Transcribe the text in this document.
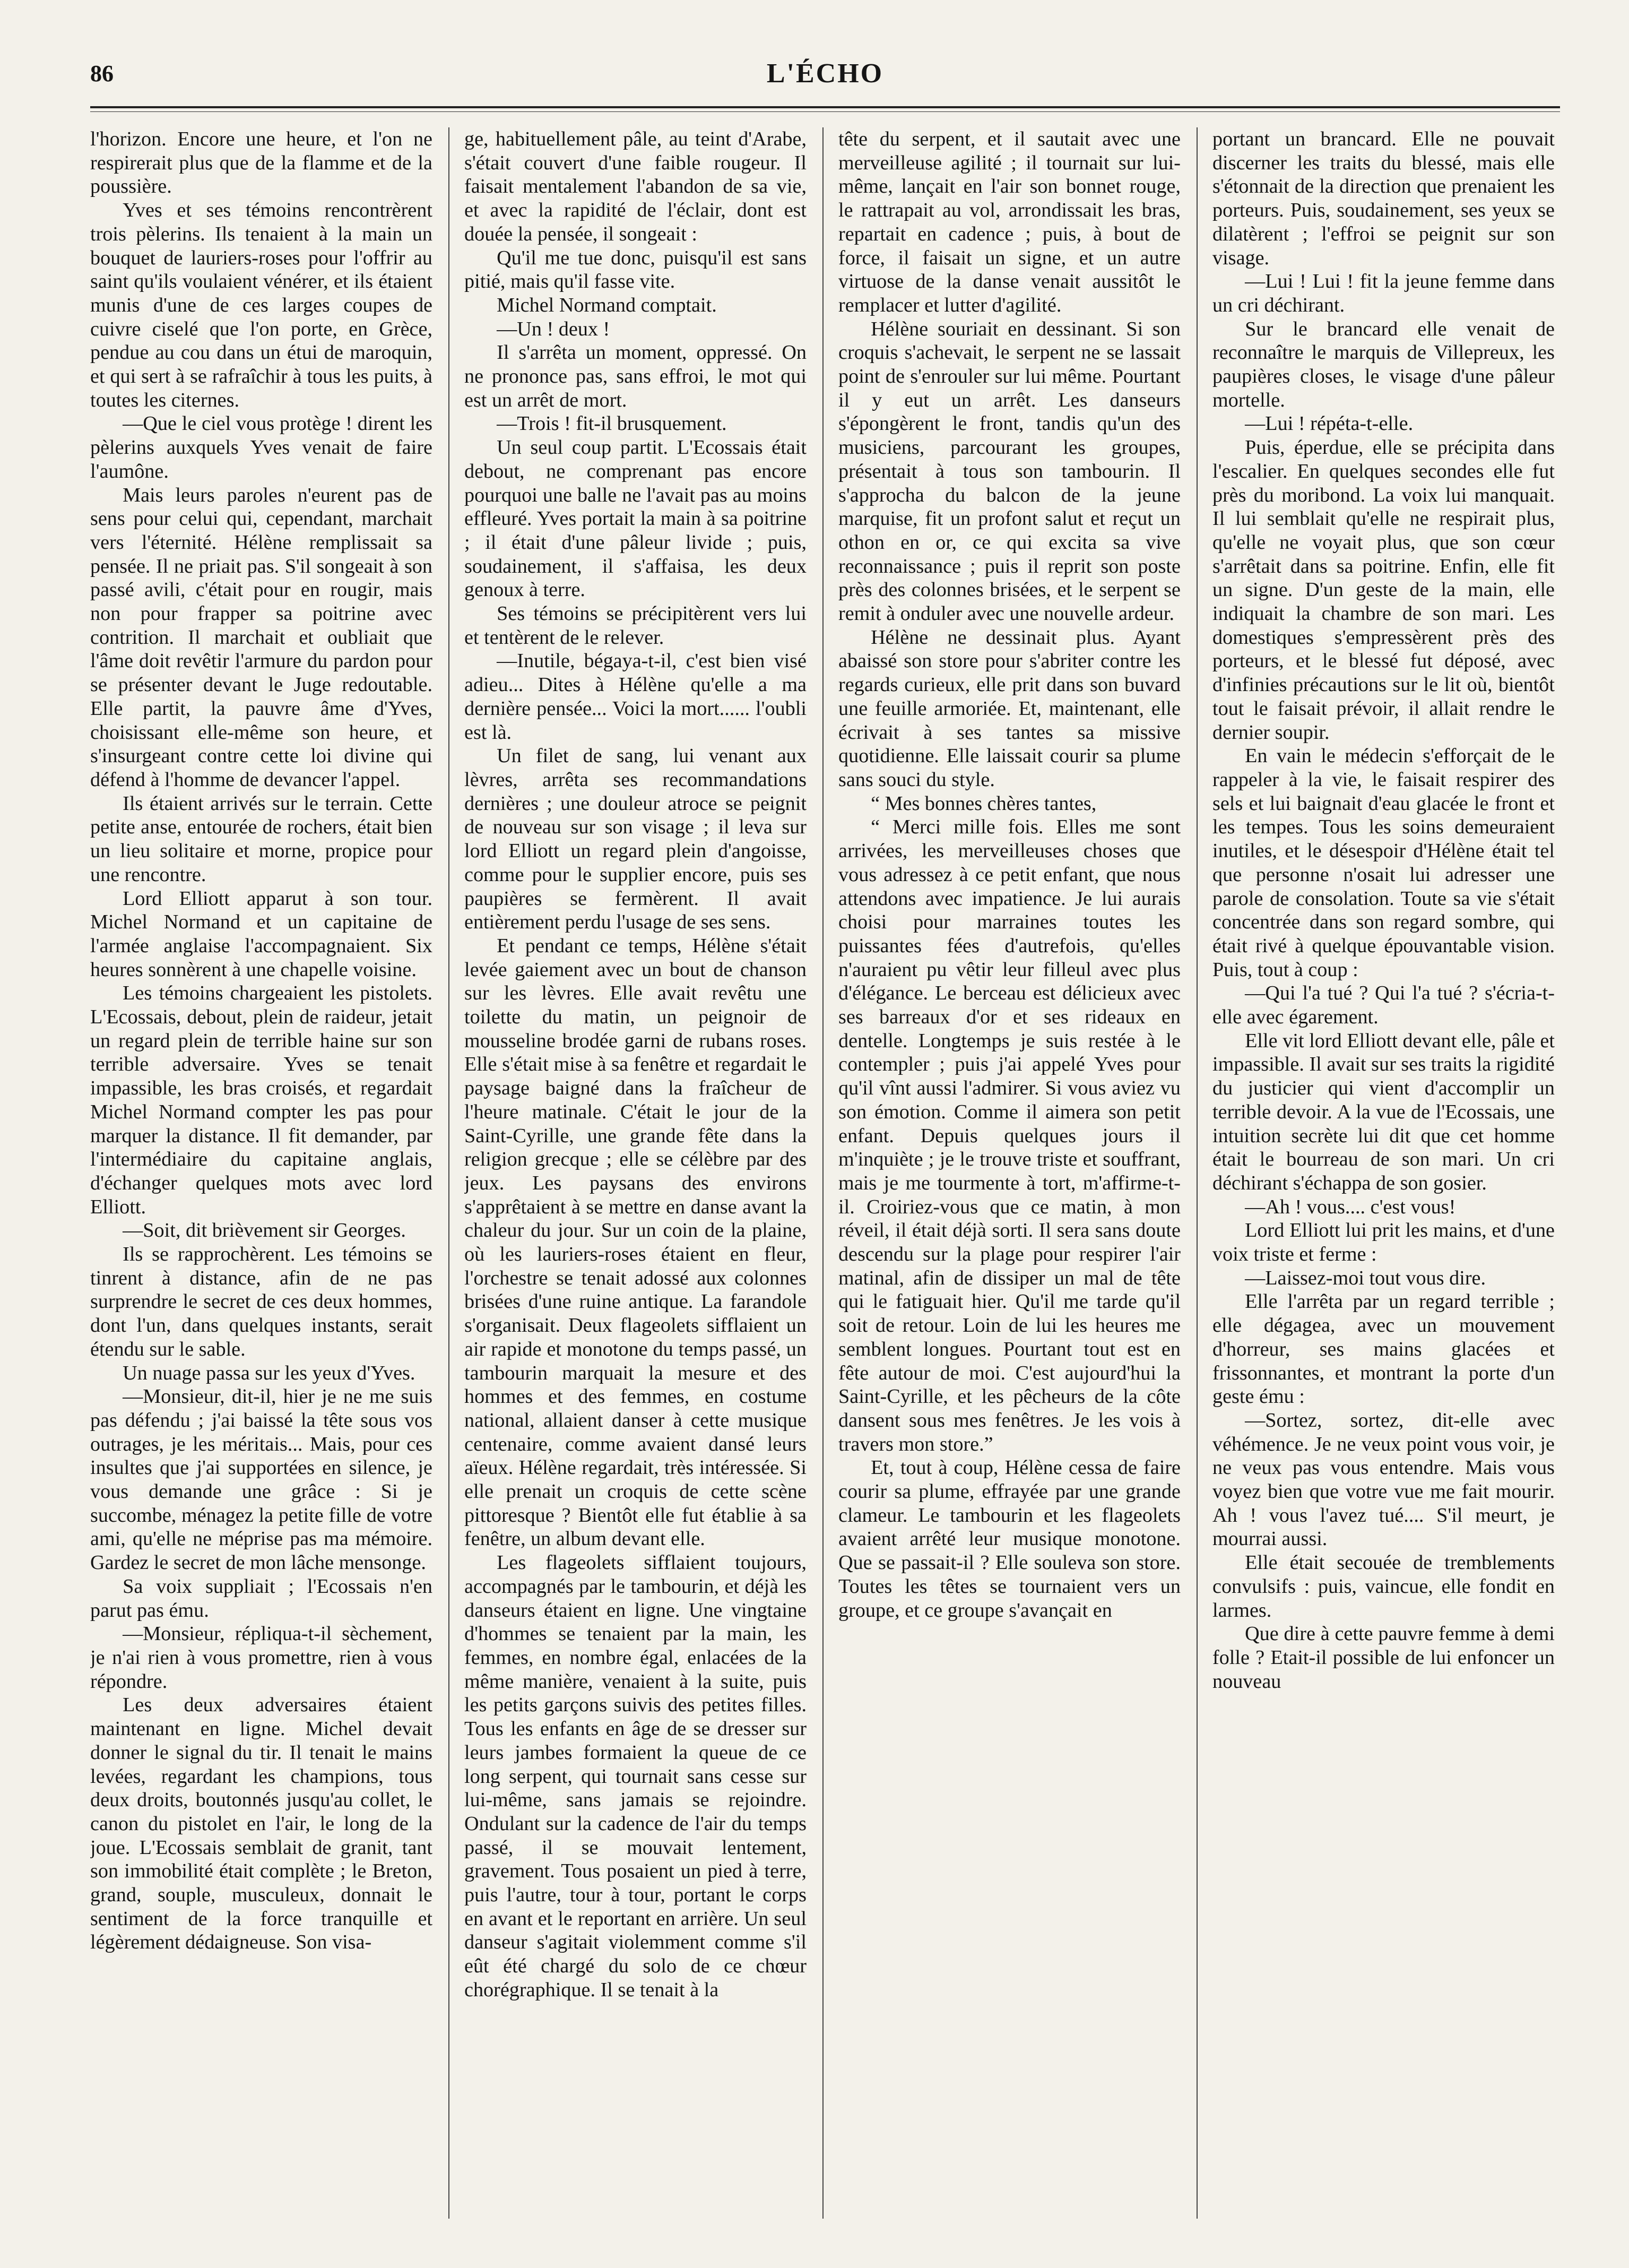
86	L'ÉCHO

l'horizon. Encore une heure, et l'on ne respirerait plus que de la flamme et de la poussière.

Yves et ses témoins rencontrèrent trois pèlerins. Ils tenaient à la main un bouquet de lauriers-roses pour l'offrir au saint qu'ils voulaient vénérer, et ils étaient munis d'une de ces larges coupes de cuivre ciselé que l'on porte, en Grèce, pendue au cou dans un étui de maroquin, et qui sert à se rafraîchir à tous les puits, à toutes les citernes.

—Que le ciel vous protège ! dirent les pèlerins auxquels Yves venait de faire l'aumône.

Mais leurs paroles n'eurent pas de sens pour celui qui, cependant, marchait vers l'éternité. Hélène remplissait sa pensée. Il ne priait pas. S'il songeait à son passé avili, c'était pour en rougir, mais non pour frapper sa poitrine avec contrition. Il marchait et oubliait que l'âme doit revêtir l'armure du pardon pour se présenter devant le Juge redoutable. Elle partit, la pauvre âme d'Yves, choisissant elle-même son heure, et s'insurgeant contre cette loi divine qui défend à l'homme de devancer l'appel.

Ils étaient arrivés sur le terrain. Cette petite anse, entourée de rochers, était bien un lieu solitaire et morne, propice pour une rencontre.

Lord Elliott apparut à son tour. Michel Normand et un capitaine de l'armée anglaise l'accompagnaient. Six heures sonnèrent à une chapelle voisine.

Les témoins chargeaient les pistolets. L'Ecossais, debout, plein de raideur, jetait un regard plein de terrible haine sur son terrible adversaire. Yves se tenait impassible, les bras croisés, et regardait Michel Normand compter les pas pour marquer la distance. Il fit demander, par l'intermédiaire du capitaine anglais, d'échanger quelques mots avec lord Elliott.

—Soit, dit brièvement sir Georges.

Ils se rapprochèrent. Les témoins se tinrent à distance, afin de ne pas surprendre le secret de ces deux hommes, dont l'un, dans quelques instants, serait étendu sur le sable.

Un nuage passa sur les yeux d'Yves.

—Monsieur, dit-il, hier je ne me suis pas défendu ; j'ai baissé la tête sous vos outrages, je les méritais... Mais, pour ces insultes que j'ai supportées en silence, je vous demande une grâce : Si je succombe, ménagez la petite fille de votre ami, qu'elle ne méprise pas ma mémoire. Gardez le secret de mon lâche mensonge.

Sa voix suppliait ; l'Ecossais n'en parut pas ému.

—Monsieur, répliqua-t-il sèchement, je n'ai rien à vous promettre, rien à vous répondre.

Les deux adversaires étaient maintenant en ligne. Michel devait donner le signal du tir. Il tenait le mains levées, regardant les champions, tous deux droits, boutonnés jusqu'au collet, le canon du pistolet en l'air, le long de la joue. L'Ecossais semblait de granit, tant son immobilité était complète ; le Breton, grand, souple, musculeux, donnait le sentiment de la force tranquille et légèrement dédaigneuse. Son visa-

ge, habituellement pâle, au teint d'Arabe, s'était couvert d'une faible rougeur. Il faisait mentalement l'abandon de sa vie, et avec la rapidité de l'éclair, dont est douée la pensée, il songeait :

Qu'il me tue donc, puisqu'il est sans pitié, mais qu'il fasse vite.

Michel Normand comptait.

—Un ! deux !

Il s'arrêta un moment, oppressé. On ne prononce pas, sans effroi, le mot qui est un arrêt de mort.

—Trois ! fit-il brusquement.

Un seul coup partit. L'Ecossais était debout, ne comprenant pas encore pourquoi une balle ne l'avait pas au moins effleuré. Yves portait la main à sa poitrine ; il était d'une pâleur livide ; puis, soudainement, il s'affaisa, les deux genoux à terre.

Ses témoins se précipitèrent vers lui et tentèrent de le relever.

—Inutile, bégaya-t-il, c'est bien visé adieu... Dites à Hélène qu'elle a ma dernière pensée... Voici la mort...... l'oubli est là.

Un filet de sang, lui venant aux lèvres, arrêta ses recommandations dernières ; une douleur atroce se peignit de nouveau sur son visage ; il leva sur lord Elliott un regard plein d'angoisse, comme pour le supplier encore, puis ses paupières se fermèrent. Il avait entièrement perdu l'usage de ses sens.

Et pendant ce temps, Hélène s'était levée gaiement avec un bout de chanson sur les lèvres. Elle avait revêtu une toilette du matin, un peignoir de mousseline brodée garni de rubans roses. Elle s'était mise à sa fenêtre et regardait le paysage baigné dans la fraîcheur de l'heure matinale. C'était le jour de la Saint-Cyrille, une grande fête dans la religion grecque ; elle se célèbre par des jeux. Les paysans des environs s'apprêtaient à se mettre en danse avant la chaleur du jour. Sur un coin de la plaine, où les lauriers-roses étaient en fleur, l'orchestre se tenait adossé aux colonnes brisées d'une ruine antique. La farandole s'organisait. Deux flageolets sifflaient un air rapide et monotone du temps passé, un tambourin marquait la mesure et des hommes et des femmes, en costume national, allaient danser à cette musique centenaire, comme avaient dansé leurs aïeux. Hélène regardait, très intéressée. Si elle prenait un croquis de cette scène pittoresque ? Bientôt elle fut établie à sa fenêtre, un album devant elle.

Les flageolets sifflaient toujours, accompagnés par le tambourin, et déjà les danseurs étaient en ligne. Une vingtaine d'hommes se tenaient par la main, les femmes, en nombre égal, enlacées de la même manière, venaient à la suite, puis les petits garçons suivis des petites filles. Tous les enfants en âge de se dresser sur leurs jambes formaient la queue de ce long serpent, qui tournait sans cesse sur lui-même, sans jamais se rejoindre. Ondulant sur la cadence de l'air du temps passé, il se mouvait lentement, gravement. Tous posaient un pied à terre, puis l'autre, tour à tour, portant le corps en avant et le reportant en arrière. Un seul danseur s'agitait violemment comme s'il eût été chargé du solo de ce chœur chorégraphique. Il se tenait à la

tête du serpent, et il sautait avec une merveilleuse agilité ; il tournait sur lui-même, lançait en l'air son bonnet rouge, le rattrapait au vol, arrondissait les bras, repartait en cadence ; puis, à bout de force, il faisait un signe, et un autre virtuose de la danse venait aussitôt le remplacer et lutter d'agilité.

Hélène souriait en dessinant. Si son croquis s'achevait, le serpent ne se lassait point de s'enrouler sur lui même. Pourtant il y eut un arrêt. Les danseurs s'épongèrent le front, tandis qu'un des musiciens, parcourant les groupes, présentait à tous son tambourin. Il s'approcha du balcon de la jeune marquise, fit un profont salut et reçut un othon en or, ce qui excita sa vive reconnaissance ; puis il reprit son poste près des colonnes brisées, et le serpent se remit à onduler avec une nouvelle ardeur.

Hélène ne dessinait plus. Ayant abaissé son store pour s'abriter contre les regards curieux, elle prit dans son buvard une feuille armoriée. Et, maintenant, elle écrivait à ses tantes sa missive quotidienne. Elle laissait courir sa plume sans souci du style.

“ Mes bonnes chères tantes,

“ Merci mille fois. Elles me sont arrivées, les merveilleuses choses que vous adressez à ce petit enfant, que nous attendons avec impatience. Je lui aurais choisi pour marraines toutes les puissantes fées d'autrefois, qu'elles n'auraient pu vêtir leur filleul avec plus d'élégance. Le berceau est délicieux avec ses barreaux d'or et ses rideaux en dentelle. Longtemps je suis restée à le contempler ; puis j'ai appelé Yves pour qu'il vînt aussi l'admirer. Si vous aviez vu son émotion. Comme il aimera son petit enfant. Depuis quelques jours il m'inquiète ; je le trouve triste et souffrant, mais je me tourmente à tort, m'affirme-t-il. Croiriez-vous que ce matin, à mon réveil, il était déjà sorti. Il sera sans doute descendu sur la plage pour respirer l'air matinal, afin de dissiper un mal de tête qui le fatiguait hier. Qu'il me tarde qu'il soit de retour. Loin de lui les heures me semblent longues. Pourtant tout est en fête autour de moi. C'est aujourd'hui la Saint-Cyrille, et les pêcheurs de la côte dansent sous mes fenêtres. Je les vois à travers mon store.”

Et, tout à coup, Hélène cessa de faire courir sa plume, effrayée par une grande clameur. Le tambourin et les flageolets avaient arrêté leur musique monotone. Que se passait-il ? Elle souleva son store. Toutes les têtes se tournaient vers un groupe, et ce groupe s'avançait en

portant un brancard. Elle ne pouvait discerner les traits du blessé, mais elle s'étonnait de la direction que prenaient les porteurs. Puis, soudainement, ses yeux se dilatèrent ; l'effroi se peignit sur son visage.

—Lui ! Lui ! fit la jeune femme dans un cri déchirant.

Sur le brancard elle venait de reconnaître le marquis de Villepreux, les paupières closes, le visage d'une pâleur mortelle.

—Lui ! répéta-t-elle.

Puis, éperdue, elle se précipita dans l'escalier. En quelques secondes elle fut près du moribond. La voix lui manquait. Il lui semblait qu'elle ne respirait plus, qu'elle ne voyait plus, que son cœur s'arrêtait dans sa poitrine. Enfin, elle fit un signe. D'un geste de la main, elle indiquait la chambre de son mari. Les domestiques s'empressèrent près des porteurs, et le blessé fut déposé, avec d'infinies précautions sur le lit où, bientôt tout le faisait prévoir, il allait rendre le dernier soupir.

En vain le médecin s'efforçait de le rappeler à la vie, le faisait respirer des sels et lui baignait d'eau glacée le front et les tempes. Tous les soins demeuraient inutiles, et le désespoir d'Hélène était tel que personne n'osait lui adresser une parole de consolation. Toute sa vie s'était concentrée dans son regard sombre, qui était rivé à quelque épouvantable vision. Puis, tout à coup :

—Qui l'a tué ? Qui l'a tué ? s'écria-t-elle avec égarement.

Elle vit lord Elliott devant elle, pâle et impassible. Il avait sur ses traits la rigidité du justicier qui vient d'accomplir un terrible devoir. A la vue de l'Ecossais, une intuition secrète lui dit que cet homme était le bourreau de son mari. Un cri déchirant s'échappa de son gosier.

—Ah ! vous.... c'est vous!

Lord Elliott lui prit les mains, et d'une voix triste et ferme :

—Laissez-moi tout vous dire.

Elle l'arrêta par un regard terrible ; elle dégagea, avec un mouvement d'horreur, ses mains glacées et frissonnantes, et montrant la porte d'un geste ému :

—Sortez, sortez, dit-elle avec véhémence. Je ne veux point vous voir, je ne veux pas vous entendre. Mais vous voyez bien que votre vue me fait mourir. Ah ! vous l'avez tué.... S'il meurt, je mourrai aussi.

Elle était secouée de tremblements convulsifs : puis, vaincue, elle fondit en larmes.

Que dire à cette pauvre femme à demi folle ? Etait-il possible de lui enfoncer un nouveau
